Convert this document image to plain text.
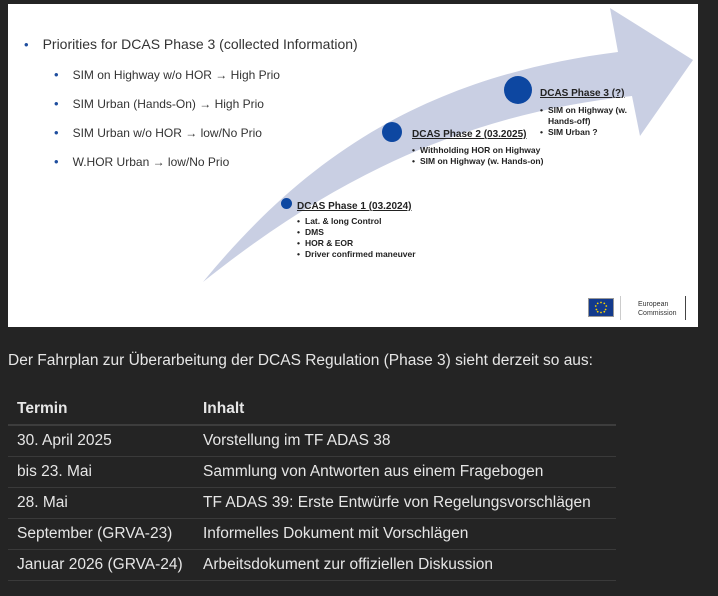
• Priorities for DCAS Phase 3 (collected Information)
• SIM on Highway w/o HOR → High Prio
• SIM Urban (Hands-On) → High Prio
• SIM Urban w/o HOR → low/No Prio
• W.HOR Urban → low/No Prio
DCAS Phase 1 (03.2024)
• Lat. & long Control
• DMS
• HOR & EOR
• Driver confirmed maneuver
DCAS Phase 2 (03.2025)
• Withholding HOR on Highway
• SIM on Highway (w. Hands-on)
DCAS Phase 3 (?)
• SIM on Highway (w. Hands-off)
• SIM Urban ?
European
Commission
Der Fahrplan zur Überarbeitung der DCAS Regulation (Phase 3) sieht derzeit so aus:
Termin	Inhalt
30. April 2025	Vorstellung im TF ADAS 38
bis 23. Mai	Sammlung von Antworten aus einem Fragebogen
28. Mai	TF ADAS 39: Erste Entwürfe von Regelungsvorschlägen
September (GRVA-23)	Informelles Dokument mit Vorschlägen
Januar 2026 (GRVA-24)	Arbeitsdokument zur offiziellen Diskussion
